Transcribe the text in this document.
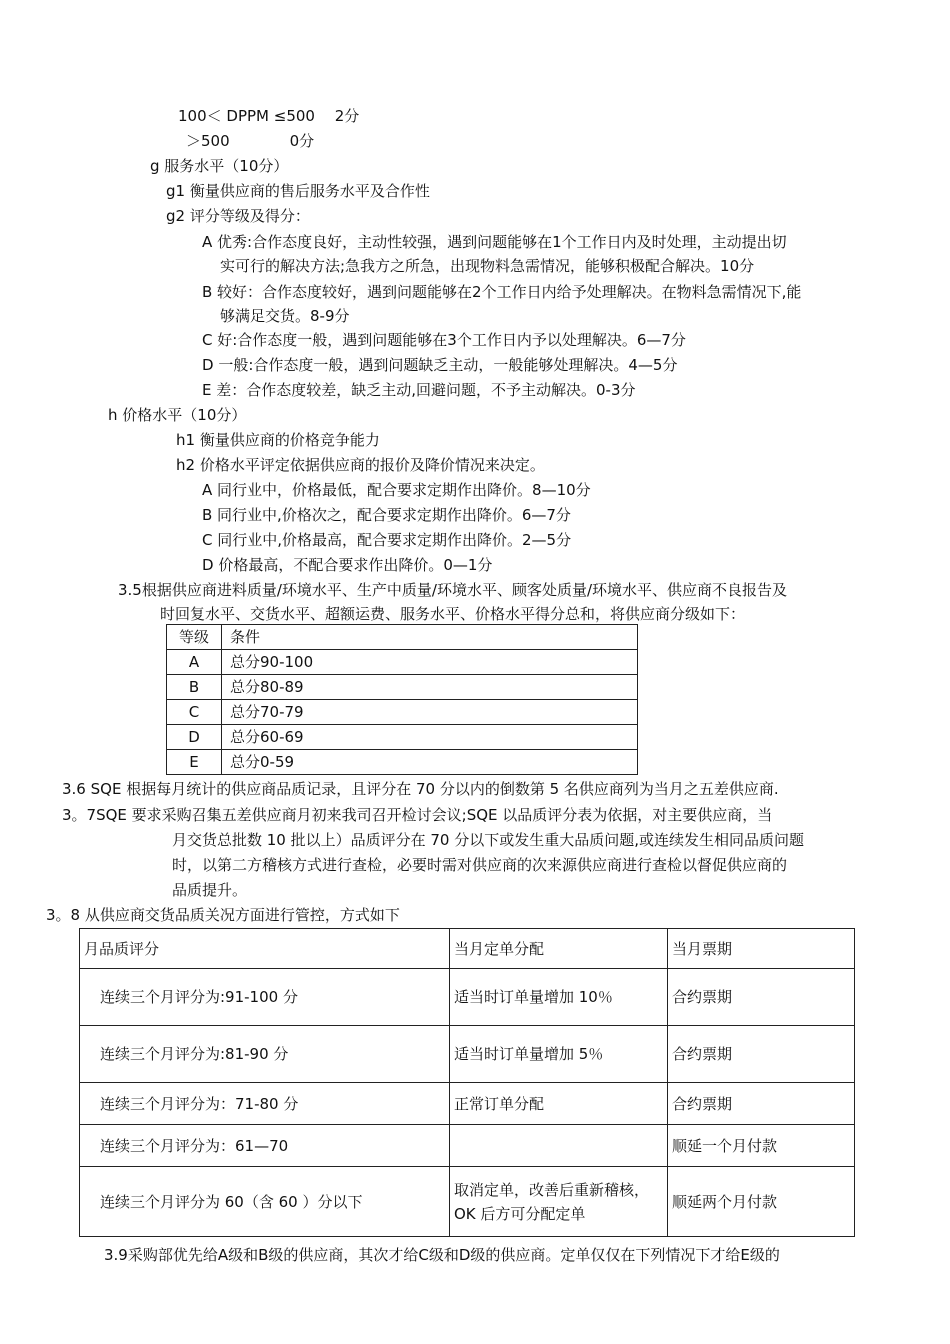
100＜ DPPM ≤500　 2分
＞500　　　　0分
g 服务水平（10分）
g1 衡量供应商的售后服务水平及合作性
g2 评分等级及得分：
A 优秀:合作态度良好，主动性较强，遇到问题能够在1个工作日内及时处理，主动提出切
实可行的解决方法;急我方之所急，出现物料急需情况，能够积极配合解决。10分
B 较好：合作态度较好，遇到问题能够在2个工作日内给予处理解决。在物料急需情况下,能
够满足交货。8-9分
C 好:合作态度一般，遇到问题能够在3个工作日内予以处理解决。6—7分
D 一般:合作态度一般，遇到问题缺乏主动，一般能够处理解决。4—5分
E 差：合作态度较差，缺乏主动,回避问题，不予主动解决。0-3分
h 价格水平（10分）
h1 衡量供应商的价格竞争能力
h2 价格水平评定依据供应商的报价及降价情况来决定。
A 同行业中，价格最低，配合要求定期作出降价。8—10分
B 同行业中,价格次之，配合要求定期作出降价。6—7分
C 同行业中,价格最高，配合要求定期作出降价。2—5分
D 价格最高，不配合要求作出降价。0—1分
3.5根据供应商进料质量/环境水平、生产中质量/环境水平、顾客处质量/环境水平、供应商不良报告及
时回复水平、交货水平、超额运费、服务水平、价格水平得分总和，将供应商分级如下：
等级	条件
A	总分90-100
B	总分80-89
C	总分70-79
D	总分60-69
E	总分0-59
3.6 SQE 根据每月统计的供应商品质记录，且评分在 70 分以内的倒数第 5 名供应商列为当月之五差供应商.
3。7SQE 要求采购召集五差供应商月初来我司召开检讨会议;SQE 以品质评分表为依据，对主要供应商，当
月交货总批数 10 批以上）品质评分在 70 分以下或发生重大品质问题,或连续发生相同品质问题
时，以第二方稽核方式进行查检，必要时需对供应商的次来源供应商进行查检以督促供应商的
品质提升。
3。8 从供应商交货品质关况方面进行管控，方式如下
月品质评分	当月定单分配	当月票期
连续三个月评分为:91-100 分	适当时订单量增加 10％	合约票期
连续三个月评分为:81-90 分	适当时订单量增加 5％	合约票期
连续三个月评分为：71-80 分	正常订单分配	合约票期
连续三个月评分为：61—70		顺延一个月付款
连续三个月评分为 60（含 60 ）分以下	取消定单，改善后重新稽核，OK 后方可分配定单	顺延两个月付款
3.9采购部优先给A级和B级的供应商，其次才给C级和D级的供应商。定单仅仅在下列情况下才给E级的
